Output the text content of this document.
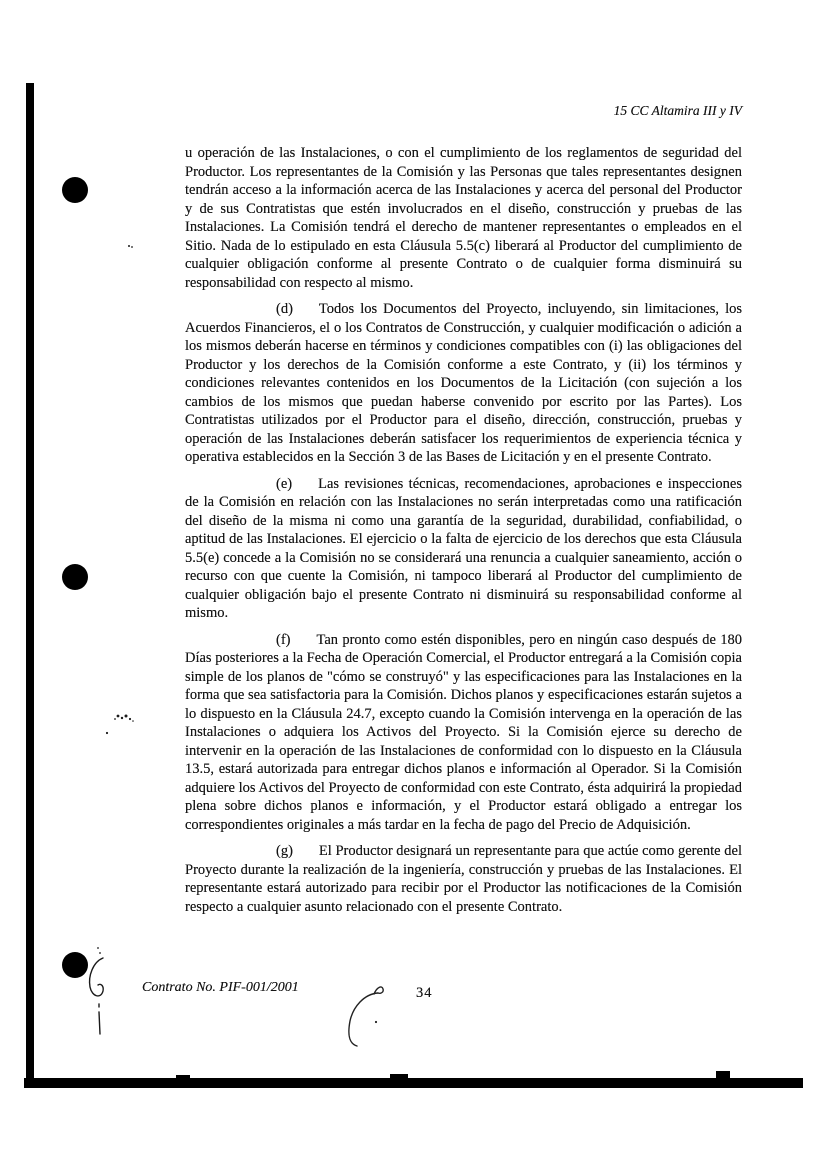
15 CC Altamira III y IV

u operación de las Instalaciones, o con el cumplimiento de los reglamentos de seguridad del Productor. Los representantes de la Comisión y las Personas que tales representantes designen tendrán acceso a la información acerca de las Instalaciones y acerca del personal del Productor y de sus Contratistas que estén involucrados en el diseño, construcción y pruebas de las Instalaciones. La Comisión tendrá el derecho de mantener representantes o empleados en el Sitio. Nada de lo estipulado en esta Cláusula 5.5(c) liberará al Productor del cumplimiento de cualquier obligación conforme al presente Contrato o de cualquier forma disminuirá su responsabilidad con respecto al mismo.

(d) Todos los Documentos del Proyecto, incluyendo, sin limitaciones, los Acuerdos Financieros, el o los Contratos de Construcción, y cualquier modificación o adición a los mismos deberán hacerse en términos y condiciones compatibles con (i) las obligaciones del Productor y los derechos de la Comisión conforme a este Contrato, y (ii) los términos y condiciones relevantes contenidos en los Documentos de la Licitación (con sujeción a los cambios de los mismos que puedan haberse convenido por escrito por las Partes). Los Contratistas utilizados por el Productor para el diseño, dirección, construcción, pruebas y operación de las Instalaciones deberán satisfacer los requerimientos de experiencia técnica y operativa establecidos en la Sección 3 de las Bases de Licitación y en el presente Contrato.

(e) Las revisiones técnicas, recomendaciones, aprobaciones e inspecciones de la Comisión en relación con las Instalaciones no serán interpretadas como una ratificación del diseño de la misma ni como una garantía de la seguridad, durabilidad, confiabilidad, o aptitud de las Instalaciones. El ejercicio o la falta de ejercicio de los derechos que esta Cláusula 5.5(e) concede a la Comisión no se considerará una renuncia a cualquier saneamiento, acción o recurso con que cuente la Comisión, ni tampoco liberará al Productor del cumplimiento de cualquier obligación bajo el presente Contrato ni disminuirá su responsabilidad conforme al mismo.

(f) Tan pronto como estén disponibles, pero en ningún caso después de 180 Días posteriores a la Fecha de Operación Comercial, el Productor entregará a la Comisión copia simple de los planos de "cómo se construyó" y las especificaciones para las Instalaciones en la forma que sea satisfactoria para la Comisión. Dichos planos y especificaciones estarán sujetos a lo dispuesto en la Cláusula 24.7, excepto cuando la Comisión intervenga en la operación de las Instalaciones o adquiera los Activos del Proyecto. Si la Comisión ejerce su derecho de intervenir en la operación de las Instalaciones de conformidad con lo dispuesto en la Cláusula 13.5, estará autorizada para entregar dichos planos e información al Operador. Si la Comisión adquiere los Activos del Proyecto de conformidad con este Contrato, ésta adquirirá la propiedad plena sobre dichos planos e información, y el Productor estará obligado a entregar los correspondientes originales a más tardar en la fecha de pago del Precio de Adquisición.

(g) El Productor designará un representante para que actúe como gerente del Proyecto durante la realización de la ingeniería, construcción y pruebas de las Instalaciones. El representante estará autorizado para recibir por el Productor las notificaciones de la Comisión respecto a cualquier asunto relacionado con el presente Contrato.

Contrato No. PIF-001/2001	34
